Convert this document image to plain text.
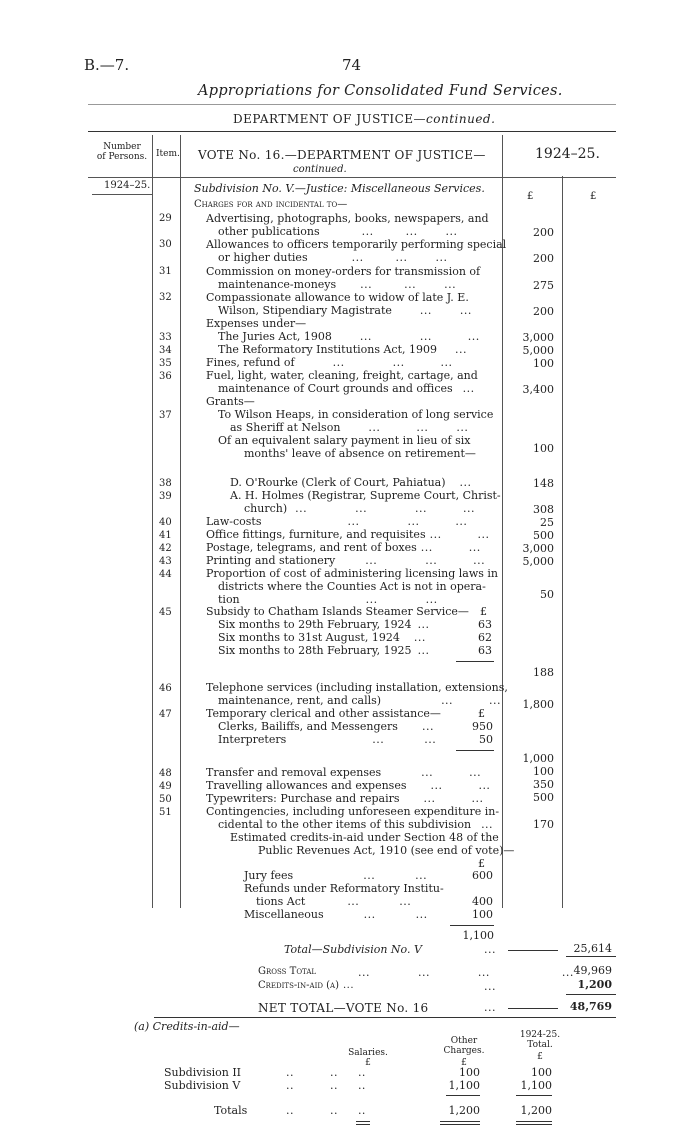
B.—7.	74
Appropriations for Consolidated Fund Services.
DEPARTMENT OF JUSTICE—continued.
Number
of Persons. Item. VOTE No. 16.—DEPARTMENT OF JUSTICE—
continued.
1924–25.
1924–25.
£	£
Subdivision No. V.—Justice: Miscellaneous Services.
Charges for and incidental to—
29	Advertising, photographs, books, newspapers, and
other publications	...        ...       ...	200
30	Allowances to officers temporarily performing special
or higher duties	...        ...       ...	200
31	Commission on money-orders for transmission of
maintenance-moneys ...        ...       ...	275
32	Compassionate allowance to widow of late J. E.
Wilson, Stipendiary Magistrate	...       ...	200
Expenses under—
33	The Juries Act, 1908	...            ...         ...	3,000
34	The Reformatory Institutions Act, 1909 ...	5,000
35	Fines, refund of	...            ...         ...	100
36	Fuel, light, water, cleaning, freight, cartage, and
maintenance of Court grounds and offices ...	3,400
Grants—
37	To Wilson Heaps, in consideration of long service
as Sheriff at Nelson	...         ...       ...
100
Of an equivalent salary payment in lieu of six
months' leave of absence on retirement—
38	D. O'Rourke (Clerk of Court, Pahiatua) ...	148
39	A. H. Holmes (Registrar, Supreme Court, Christ-
church) ...            ...            ...         ...	308
40	Law-costs	...            ...         ...	25
41	Office fittings, furniture, and requisites ...         ...	500
42	Postage, telegrams, and rent of boxes ...         ...	3,000
43	Printing and stationery	...            ...         ...	5,000
44	Proportion of cost of administering licensing laws in
districts where the Counties Act is not in opera-
tion	...            ...	50
45	Subsidy to Chatham Islands Steamer Service— £
Six months to 29th February, 1924 ...	63
Six months to 31st August, 1924 ...	62
Six months to 28th February, 1925 ...	63
188
46	Telephone services (including installation, extensions,
maintenance, rent, and calls)	...         ...	1,800
47	Temporary clerical and other assistance—	£
Clerks, Bailiffs, and Messengers ...	950
Interpreters	...          ...	50
1,000
48	Transfer and removal expenses	...         ...	100
49	Travelling allowances and expenses ...         ...	350
50	Typewriters: Purchase and repairs ...         ...	500
51	Contingencies, including unforeseen expenditure in-
cidental to the other items of this subdivision ...	170
Estimated credits-in-aid under Section 48 of the
Public Revenues Act, 1910 (see end of vote)—
£
Jury fees	...          ...	600
Refunds under Reformatory Institu-
tions Act	...          ...	400
Miscellaneous	...          ...	100
1,100
Total—Subdivision No. V	...	25,614
Gross Total	...            ...            ...                  ... 49,969
Credits-in-aid (a) ...	...	1,200
NET TOTAL—VOTE No. 16	...	48,769
(a) Credits-in-aid—
Other
Charges.
1924-25.
Total.
Salaries.
£	£
£
Subdivision II	..         ..     ..	100	100
Subdivision V	..         ..     ..	1,100	1,100
Totals	..         ..     ..	1,200	1,200
